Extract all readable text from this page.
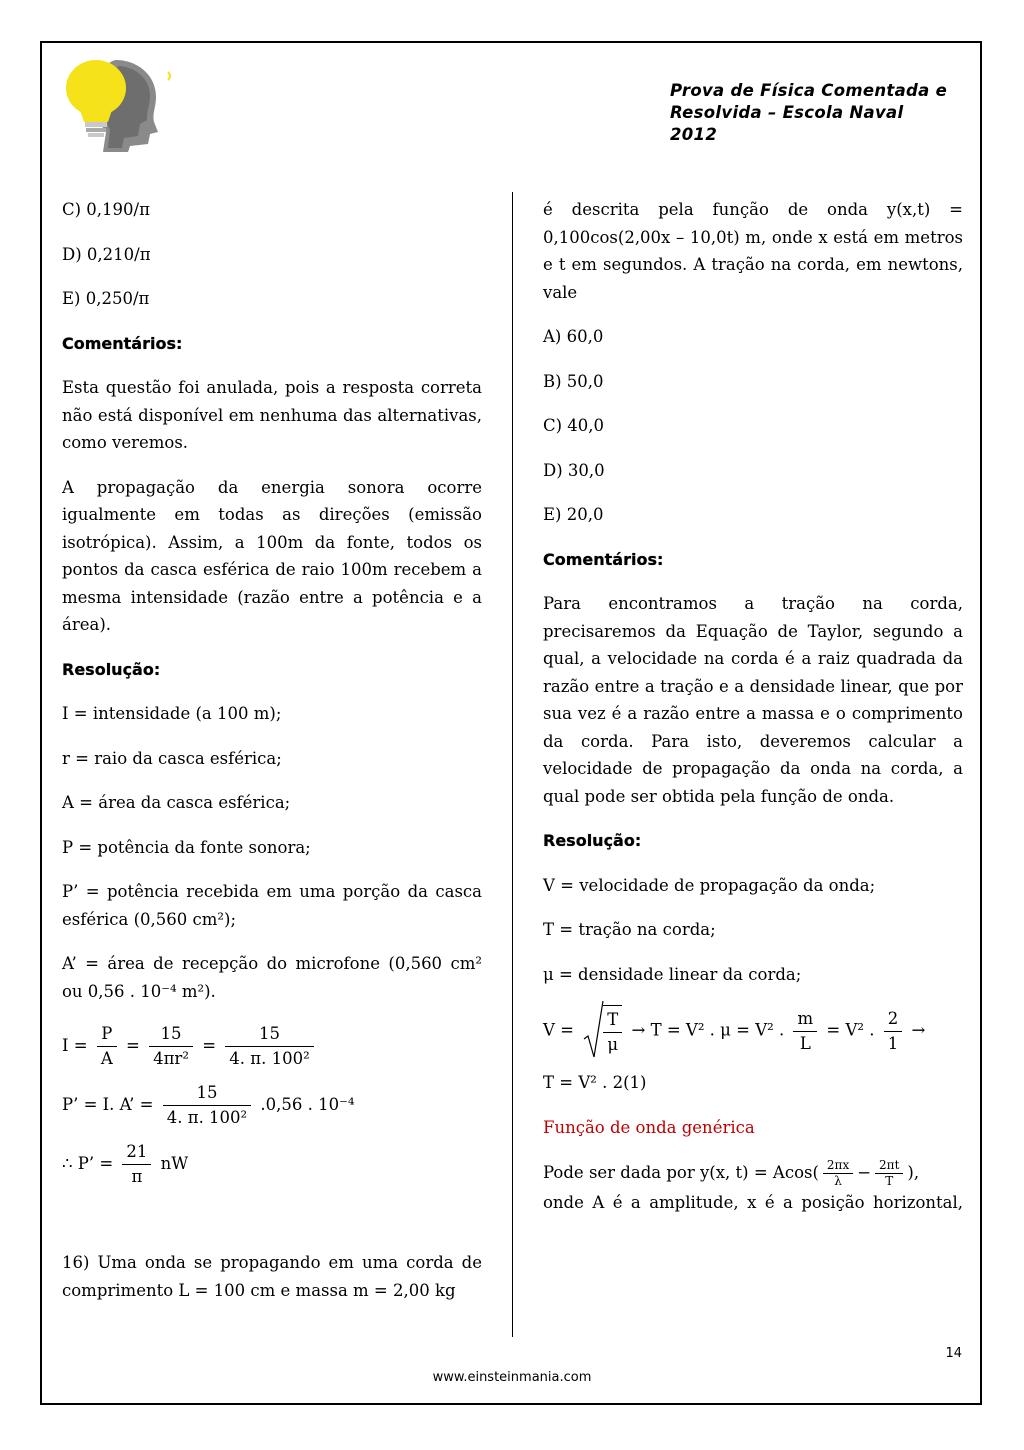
Prova de Física Comentada e
Resolvida – Escola Naval
2012

C) 0,190/π

D) 0,210/π

E) 0,250/π

Comentários:

Esta questão foi anulada, pois a resposta correta não está disponível em nenhuma das alternativas, como veremos.

A propagação da energia sonora ocorre igualmente em todas as direções (emissão isotrópica). Assim, a 100m da fonte, todos os pontos da casca esférica de raio 100m recebem a mesma intensidade (razão entre a potência e a área).

Resolução:

I = intensidade (a 100 m);

r = raio da casca esférica;

A = área da casca esférica;

P = potência da fonte sonora;

P’ = potência recebida em uma porção da casca esférica (0,560 cm²);

A’ = área de recepção do microfone (0,560 cm² ou 0,56 . 10⁻⁴ m²).

$I = \frac{P}{A} = \frac{15}{\text{4πr²}} = \frac{15}{\text{4. π. 100²}}$

P’ = I. A’ = $\frac{15}{\text{4. π. 100²}} .0,56$ . 10⁻⁴

∴ P’ = $\frac{21}{\pi}$ nW

16) Uma onda se propagando em uma corda de comprimento L = 100 cm e massa m = 2,00 kg

é descrita pela função de onda y(x,t) = 0,100cos(2,00x – 10,0t) m, onde x está em metros e t em segundos. A tração na corda, em newtons, vale

A) 60,0

B) 50,0

C) 40,0

D) 30,0

E) 20,0

Comentários:

Para encontramos a tração na corda, precisaremos da Equação de Taylor, segundo a qual, a velocidade na corda é a raiz quadrada da razão entre a tração e a densidade linear, que por sua vez é a razão entre a massa e o comprimento da corda. Para isto, deveremos calcular a velocidade de propagação da onda na corda, a qual pode ser obtida pela função de onda.

Resolução:

V = velocidade de propagação da onda;

T = tração na corda;

μ = densidade linear da corda;

$V = \frac{T}{\mu} \to T = V^2$ . μ = V² . $\frac{m}{L} = V^2$ . $\frac{2}{1}$ →

T = V² . 2(1)

Função de onda genérica

Pode ser dada por y(x, $t) = Acos( \frac{2\pi x}{\lambda} - \frac{2\pi t}{T}$ ),

onde A é a amplitude, x é a posição horizontal,

14
www.einsteinmania.com
